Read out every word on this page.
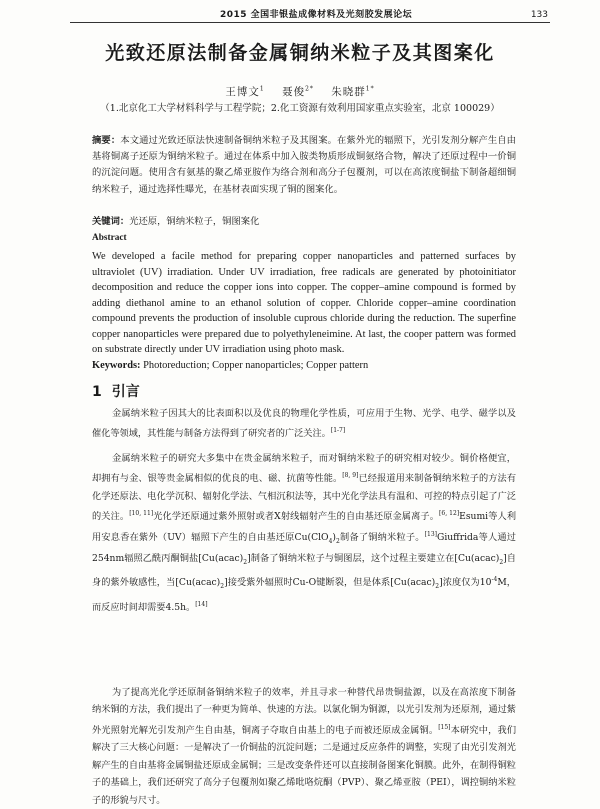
2015 全国非银盐成像材料及光刻胶发展论坛	133
光致还原法制备金属铜纳米粒子及其图案化
王博文$^1$ 聂俊$^{2*}$ 朱晓群$^{1*}$
（1.北京化工大学材料科学与工程学院；2.化工资源有效利用国家重点实验室，北京 100029）
摘要：本文通过光致还原法快速制备铜纳米粒子及其图案。在紫外光的辐照下，光引发剂分解产生自由基将铜离子还原为铜纳米粒子。通过在体系中加入胺类物质形成铜氨络合物，解决了还原过程中一价铜的沉淀问题。使用含有氨基的聚乙烯亚胺作为络合剂和高分子包覆剂，可以在高浓度铜盐下制备超细铜纳米粒子，通过选择性曝光，在基材表面实现了铜的图案化。
关键词：光还原，铜纳米粒子，铜图案化
Abstract
We developed a facile method for preparing copper nanoparticles and patterned surfaces by ultraviolet (UV) irradiation. Under UV irradiation, free radicals are generated by photoinitiator decomposition and reduce the copper ions into copper. The copper–amine compound is formed by adding diethanol amine to an ethanol solution of copper. Chloride copper–amine coordination compound prevents the production of insoluble cuprous chloride during the reduction. The superfine copper nanoparticles were prepared due to polyethyleneimine. At last, the cooper pattern was formed on substrate directly under UV irradiation using photo mask.
Keywords: Photoreduction; Copper nanoparticles; Copper pattern
1 引言

金属纳米粒子因其大的比表面积以及优良的物理化学性质，可应用于生物、光学、电学、磁学以及催化等领域，其性能与制备方法得到了研究者的广泛关注。[1-7]

金属纳米粒子的研究大多集中在贵金属纳米粒子，而对铜纳米粒子的研究相对较少。铜价格便宜，却拥有与金、银等贵金属相似的优良的电、磁、抗菌等性能。[8, 9]已经报道用来制备铜纳米粒子的方法有化学还原法、电化学沉积、辐射化学法、气相沉积法等，其中光化学法具有温和、可控的特点引起了广泛的关注。[10, 11]光化学还原通过紫外照射或者X射线辐射产生的自由基还原金属离子。[6, 12]Esumi等人利用安息香在紫外（UV）辐照下产生的自由基还原$Cu(ClO_4)_2$制备了铜纳米粒子。[13]Giuffrida等人通过254nm辐照乙酰丙酮铜盐$[Cu(acac)_2]$制备了铜纳米粒子与铜图层，这个过程主要建立在$[Cu(acac)_2]$自身的紫外敏感性，当$[Cu(acac)_2]$接受紫外辐照时Cu-O键断裂，但是体系$[Cu(acac)_2]$浓度仅为$10^{-4}M$，而反应时间却需要4.5h。[14]

为了提高光化学还原制备铜纳米粒子的效率，并且寻求一种替代昂贵铜盐源，以及在高浓度下制备纳米铜的方法，我们提出了一种更为简单、快速的方法。以氯化铜为铜源，以光引发剂为还原剂，通过紫外光照射光解光引发剂产生自由基，铜离子夺取自由基上的电子而被还原成金属铜。[15]本研究中，我们解决了三大核心问题：一是解决了一价铜盐的沉淀问题；二是通过反应条件的调整，实现了由光引发剂光解产生的自由基将金属铜盐还原成金属铜；三是改变条件还可以直接制备图案化铜膜。此外，在制得铜粒子的基础上，我们还研究了高分子包覆剂如聚乙烯吡咯烷酮（PVP）、聚乙烯亚胺（PEI），调控铜纳米粒子的形貌与尺寸。
